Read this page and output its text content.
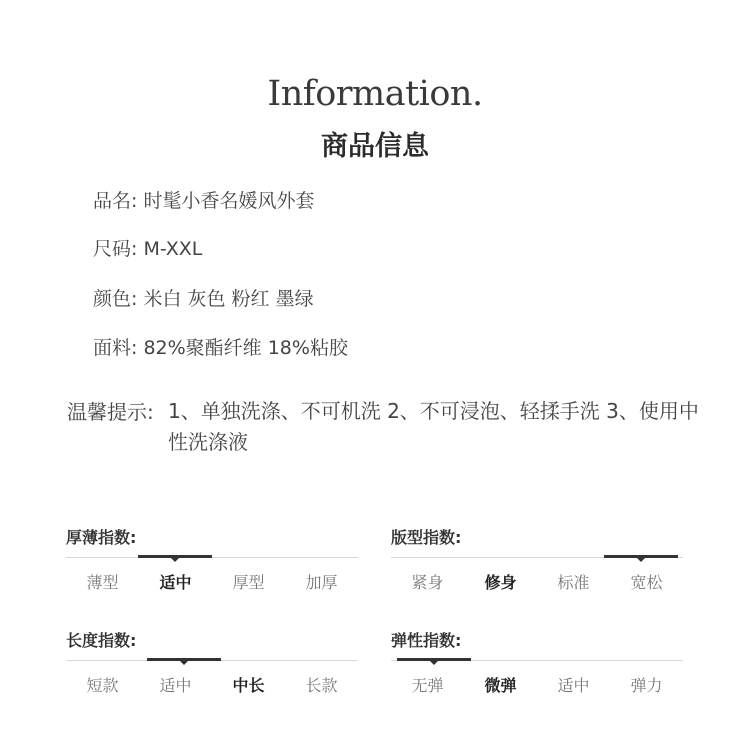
Information.
商品信息
品名: 时髦小香名媛风外套
尺码: M-XXL
颜色: 米白 灰色 粉红 墨绿
面料: 82%聚酯纤维 18%粘胶
温馨提示: 1、单独洗涤、不可机洗 2、不可浸泡、轻揉手洗 3、使用中性洗涤液
厚薄指数:
薄型	适中	厚型	加厚
版型指数:
紧身	修身	标准	宽松
长度指数:
短款	适中	中长	长款
弹性指数:
无弹	微弹	适中	弹力
